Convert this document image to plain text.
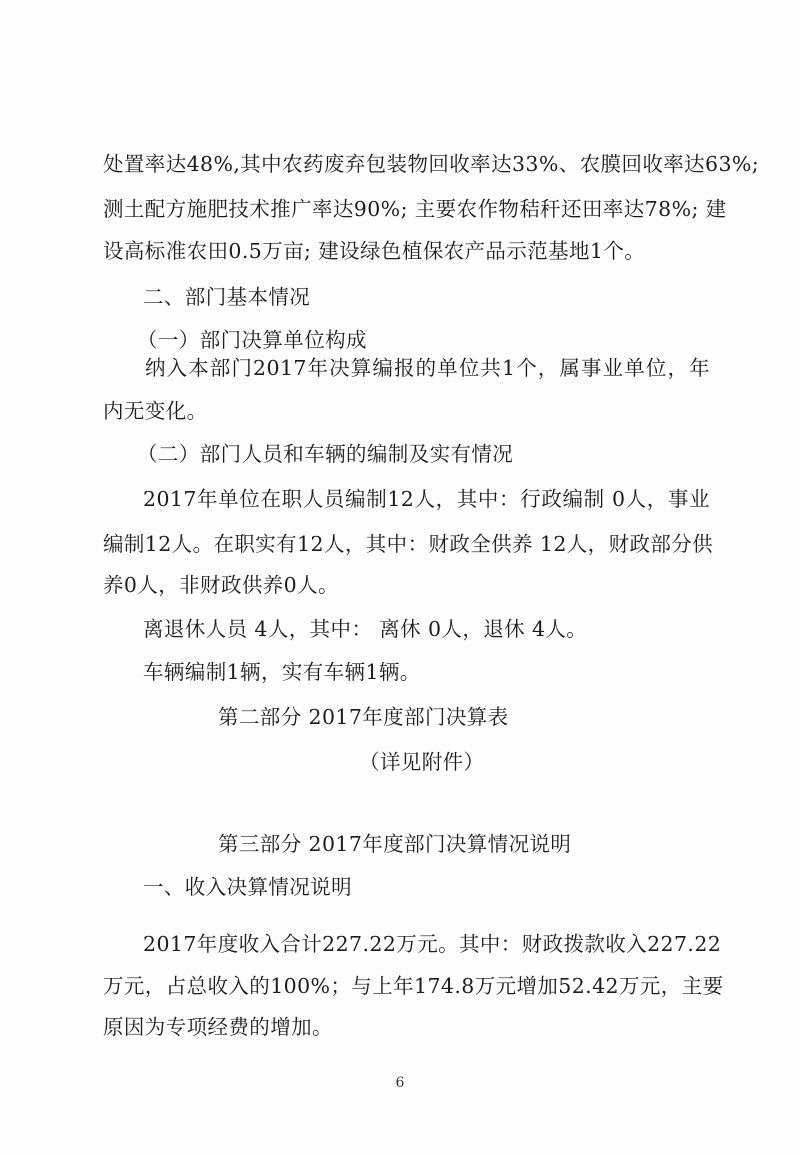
处置率达48%,其中农药废弃包装物回收率达33%、农膜回收率达63%;
测土配方施肥技术推广率达90%; 主要农作物秸秆还田率达78%; 建
设高标准农田0.5万亩; 建设绿色植保农产品示范基地1个。
二、部门基本情况
（一）部门决算单位构成
纳入本部门2017年决算编报的单位共1个，属事业单位，年
内无变化。
（二）部门人员和车辆的编制及实有情况
2017年单位在职人员编制12人，其中：行政编制 0人，事业
编制12人。在职实有12人，其中：财政全供养 12人，财政部分供
养0人，非财政供养0人。
离退休人员 4人，其中： 离休 0人，退休 4人。
车辆编制1辆，实有车辆1辆。
第二部分 2017年度部门决算表
（详见附件）
第三部分 2017年度部门决算情况说明
一、收入决算情况说明
2017年度收入合计227.22万元。其中：财政拨款收入227.22
万元，占总收入的100%；与上年174.8万元增加52.42万元，主要
原因为专项经费的增加。
6
